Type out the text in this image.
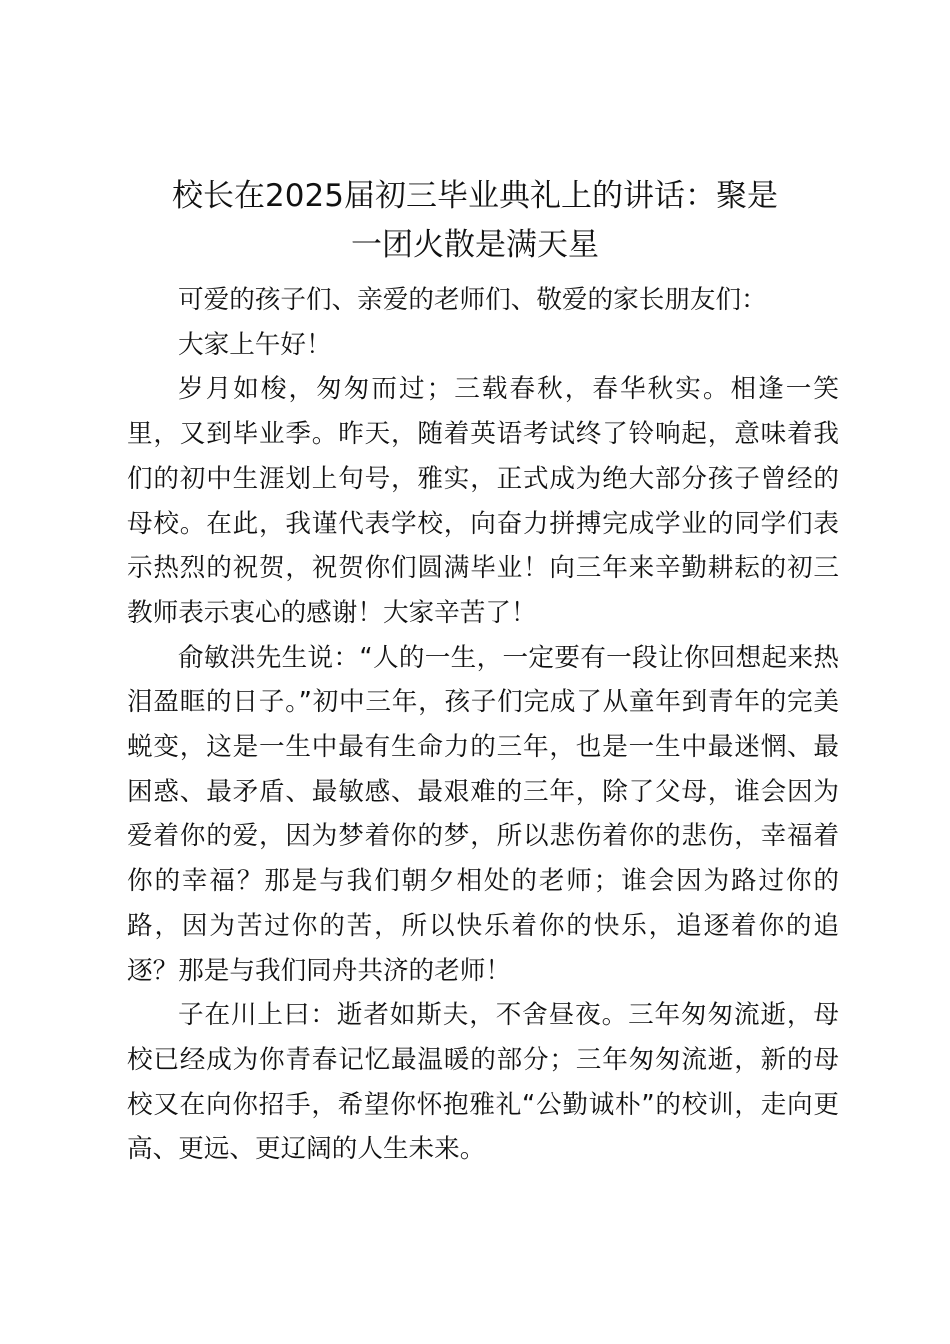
校长在2025届初三毕业典礼上的讲话：聚是
一团火散是满天星

可爱的孩子们、亲爱的老师们、敬爱的家长朋友们：

大家上午好！

岁月如梭，匆匆而过；三载春秋，春华秋实。相逢一笑里，又到毕业季。昨天，随着英语考试终了铃响起，意味着我们的初中生涯划上句号，雅实，正式成为绝大部分孩子曾经的母校。在此，我谨代表学校，向奋力拼搏完成学业的同学们表示热烈的祝贺，祝贺你们圆满毕业！向三年来辛勤耕耘的初三教师表示衷心的感谢！大家辛苦了！

俞敏洪先生说：“人的一生，一定要有一段让你回想起来热泪盈眶的日子。”初中三年，孩子们完成了从童年到青年的完美蜕变，这是一生中最有生命力的三年，也是一生中最迷惘、最困惑、最矛盾、最敏感、最艰难的三年，除了父母，谁会因为爱着你的爱，因为梦着你的梦，所以悲伤着你的悲伤，幸福着你的幸福？那是与我们朝夕相处的老师；谁会因为路过你的路，因为苦过你的苦，所以快乐着你的快乐，追逐着你的追逐？那是与我们同舟共济的老师！

子在川上曰：逝者如斯夫，不舍昼夜。三年匆匆流逝，母校已经成为你青春记忆最温暖的部分；三年匆匆流逝，新的母校又在向你招手，希望你怀抱雅礼“公勤诚朴”的校训，走向更高、更远、更辽阔的人生未来。
